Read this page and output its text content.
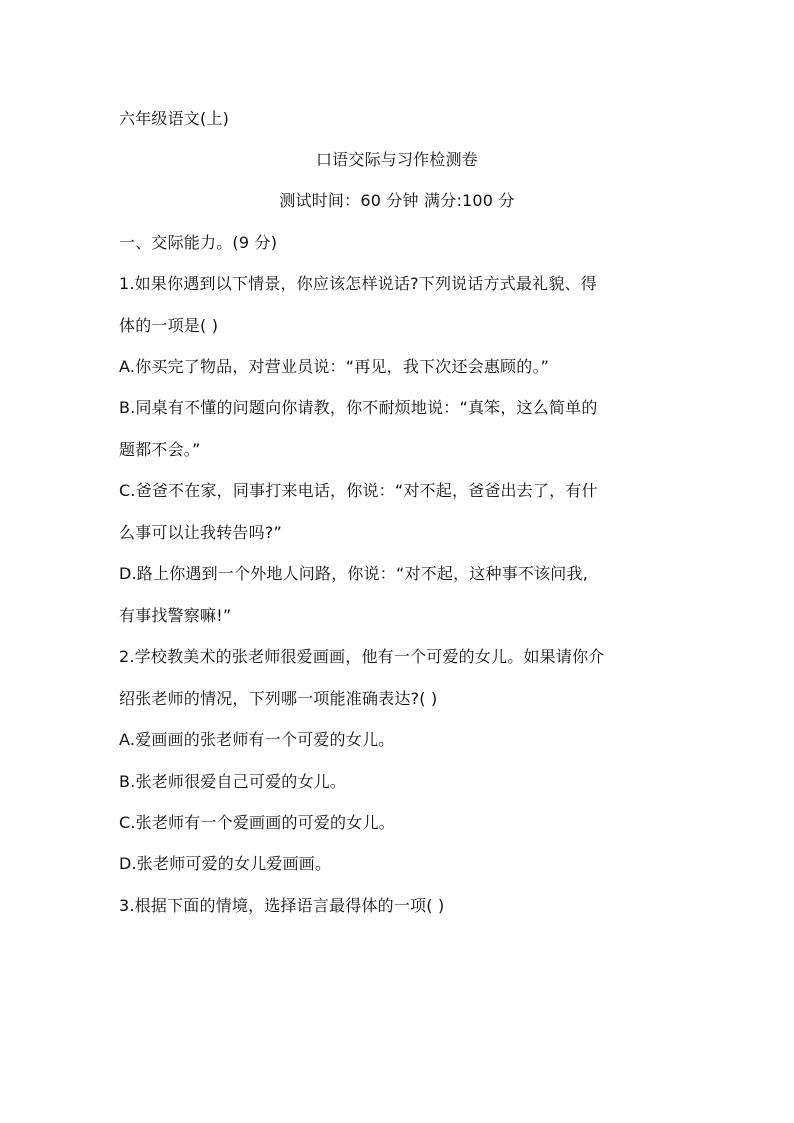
六年级语文(上)
口语交际与习作检测卷
测试时间：60 分钟 满分:100 分
一、交际能力。(9 分)
1.如果你遇到以下情景，你应该怎样说话?下列说话方式最礼貌、得
体的一项是( )
A.你买完了物品，对营业员说：“再见，我下次还会惠顾的。”
B.同桌有不懂的问题向你请教，你不耐烦地说：“真笨，这么简单的
题都不会。”
C.爸爸不在家，同事打来电话，你说：“对不起，爸爸出去了，有什
么事可以让我转告吗?”
D.路上你遇到一个外地人问路，你说：“对不起，这种事不该问我,
有事找警察嘛!”
2.学校教美术的张老师很爱画画，他有一个可爱的女儿。如果请你介
绍张老师的情况，下列哪一项能准确表达?( )
A.爱画画的张老师有一个可爱的女儿。
B.张老师很爱自己可爱的女儿。
C.张老师有一个爱画画的可爱的女儿。
D.张老师可爱的女儿爱画画。
3.根据下面的情境，选择语言最得体的一项( )
